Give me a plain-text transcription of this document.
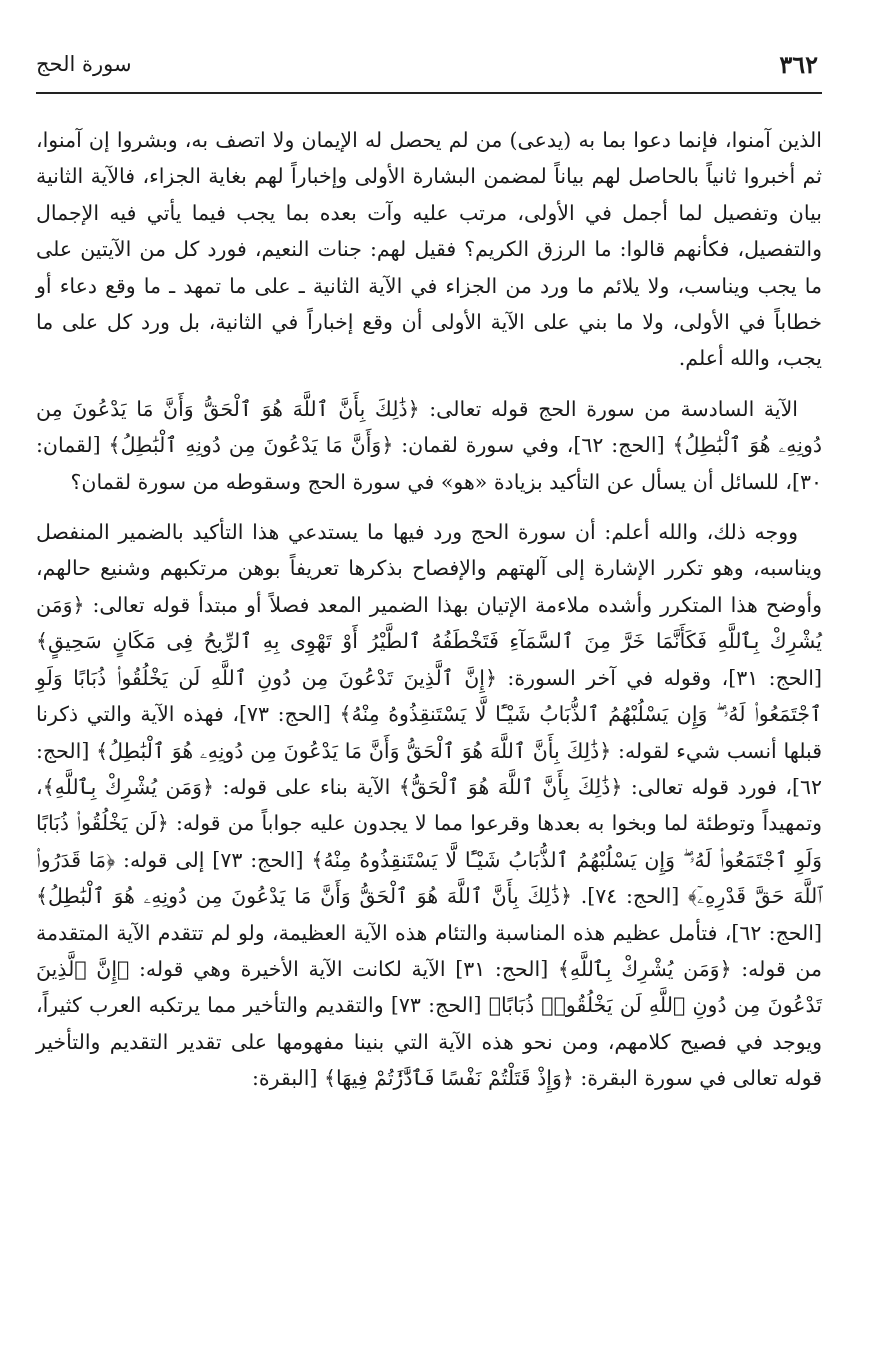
٣٦٢
سورة الحج

الذين آمنوا، فإنما دعوا بما به (يدعى) من لم يحصل له الإيمان ولا اتصف به، وبشروا إن آمنوا، ثم أخبروا ثانياً بالحاصل لهم بياناً لمضمن البشارة الأولى وإخباراً لهم بغاية الجزاء، فالآية الثانية بيان وتفصيل لما أجمل في الأولى، مرتب عليه وآت بعده بما يجب فيما يأتي فيه الإجمال والتفصيل، فكأنهم قالوا: ما الرزق الكريم؟ فقيل لهم: جنات النعيم، فورد كل من الآيتين على ما يجب ويناسب، ولا يلائم ما ورد من الجزاء في الآية الثانية ـ على ما تمهد ـ ما وقع دعاء أو خطاباً في الأولى، ولا ما بني على الآية الأولى أن وقع إخباراً في الثانية، بل ورد كل على ما يجب، والله أعلم.

الآية السادسة من سورة الحج قوله تعالى: ﴿ذَٰلِكَ بِأَنَّ ٱللَّهَ هُوَ ٱلْحَقُّ وَأَنَّ مَا يَدْعُونَ مِن دُونِهِۦ هُوَ ٱلْبَٰطِلُ﴾ [الحج: ٦٢]، وفي سورة لقمان: ﴿وَأَنَّ مَا يَدْعُونَ مِن دُونِهِ ٱلْبَٰطِلُ﴾ [لقمان: ٣٠]، للسائل أن يسأل عن التأكيد بزيادة «هو» في سورة الحج وسقوطه من سورة لقمان؟

ووجه ذلك، والله أعلم: أن سورة الحج ورد فيها ما يستدعي هذا التأكيد بالضمير المنفصل ويناسبه، وهو تكرر الإشارة إلى آلهتهم والإفصاح بذكرها تعريفاً بوهن مرتكبهم وشنيع حالهم، وأوضح هذا المتكرر وأشده ملاءمة الإتيان بهذا الضمير المعد فصلاً أو مبتدأ قوله تعالى: ﴿وَمَن يُشْرِكْ بِٱللَّهِ فَكَأَنَّمَا خَرَّ مِنَ ٱلسَّمَآءِ فَتَخْطَفُهُ ٱلطَّيْرُ أَوْ تَهْوِى بِهِ ٱلرِّيحُ فِى مَكَانٍ سَحِيقٍ﴾ [الحج: ٣١]، وقوله في آخر السورة: ﴿إِنَّ ٱلَّذِينَ تَدْعُونَ مِن دُونِ ٱللَّهِ لَن يَخْلُقُوا۟ ذُبَابًا وَلَوِ ٱجْتَمَعُوا۟ لَهُۥ ۖ وَإِن يَسْلُبْهُمُ ٱلذُّبَابُ شَيْـًٔا لَّا يَسْتَنقِذُوهُ مِنْهُ﴾ [الحج: ٧٣]، فهذه الآية والتي ذكرنا قبلها أنسب شيء لقوله: ﴿ذَٰلِكَ بِأَنَّ ٱللَّهَ هُوَ ٱلْحَقُّ وَأَنَّ مَا يَدْعُونَ مِن دُونِهِۦ هُوَ ٱلْبَٰطِلُ﴾ [الحج: ٦٢]، فورد قوله تعالى: ﴿ذَٰلِكَ بِأَنَّ ٱللَّهَ هُوَ ٱلْحَقُّ﴾ الآية بناء على قوله: ﴿وَمَن يُشْرِكْ بِٱللَّهِ﴾، وتمهيداً وتوطئة لما وبخوا به بعدها وقرعوا مما لا يجدون عليه جواباً من قوله: ﴿لَن يَخْلُقُوا۟ ذُبَابًا وَلَوِ ٱجْتَمَعُوا۟ لَهُۥ ۖ وَإِن يَسْلُبْهُمُ ٱلذُّبَابُ شَيْـًٔا لَّا يَسْتَنقِذُوهُ مِنْهُ﴾ [الحج: ٧٣] إلى قوله: ﴿مَا قَدَرُوا۟ ٱللَّهَ حَقَّ قَدْرِهِۦٓ﴾ [الحج: ٧٤]. ﴿ذَٰلِكَ بِأَنَّ ٱللَّهَ هُوَ ٱلْحَقُّ وَأَنَّ مَا يَدْعُونَ مِن دُونِهِۦ هُوَ ٱلْبَٰطِلُ﴾ [الحج: ٦٢]، فتأمل عظيم هذه المناسبة والتئام هذه الآية العظيمة، ولو لم تتقدم الآية المتقدمة من قوله: ﴿وَمَن يُشْرِكْ بِٱللَّهِ﴾ [الحج: ٣١] الآية لكانت الآية الأخيرة وهي قوله: ﴿إِنَّ ٱلَّذِينَ تَدْعُونَ مِن دُونِ ٱللَّهِ لَن يَخْلُقُوا۟ ذُبَابًا﴾ [الحج: ٧٣] والتقديم والتأخير مما يرتكبه العرب كثيراً، ويوجد في فصيح كلامهم، ومن نحو هذه الآية التي بنينا مفهومها على تقدير التقديم والتأخير قوله تعالى في سورة البقرة: ﴿وَإِذْ قَتَلْتُمْ نَفْسًا فَٱدَّٰرَٰٔتُمْ فِيهَا﴾ [البقرة:
